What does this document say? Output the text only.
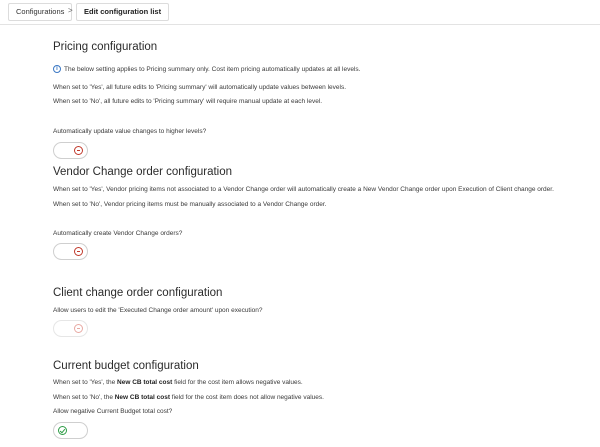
Configurations >	Edit configuration list
Pricing configuration
i The below setting applies to Pricing summary only. Cost item pricing automatically updates at all levels.
When set to 'Yes', all future edits to 'Pricing summary' will automatically update values between levels.
When set to 'No', all future edits to 'Pricing summary' will require manual update at each level.
Automatically update value changes to higher levels?
Vendor Change order configuration
When set to 'Yes', Vendor pricing items not associated to a Vendor Change order will automatically create a New Vendor Change order upon Execution of Client change order.
When set to 'No', Vendor pricing items must be manually associated to a Vendor Change order.
Automatically create Vendor Change orders?
Client change order configuration
Allow users to edit the 'Executed Change order amount' upon execution?
Current budget configuration
When set to 'Yes', the New CB total cost field for the cost item allows negative values.
When set to 'No', the New CB total cost field for the cost item does not allow negative values.
Allow negative Current Budget total cost?
